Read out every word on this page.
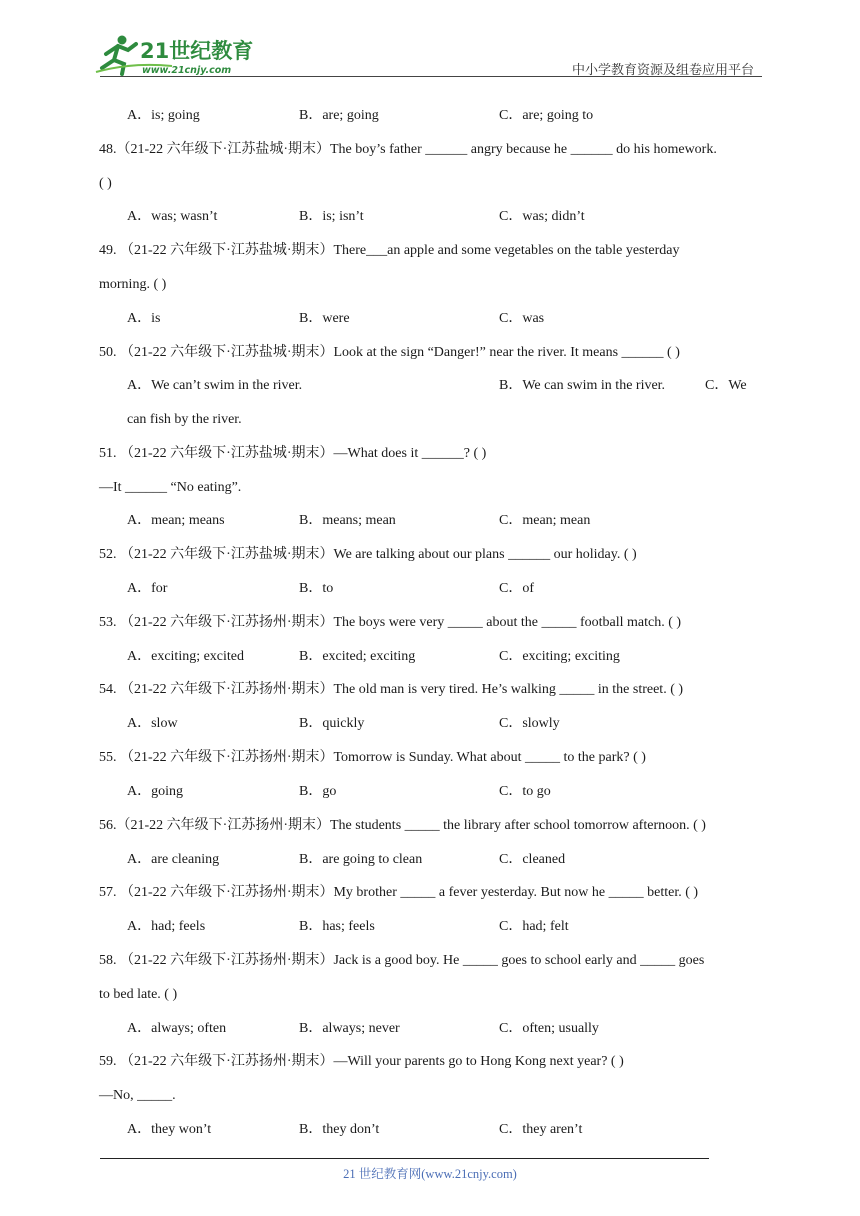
21世纪教育
www.21cnjy.com	中小学教育资源及组卷应用平台
A．is; going	B．are; going	C．are; going to
48.（21-22 六年级下·江苏盐城·期末）The boy’s father ______ angry because he ______ do his homework.
( )
A．was; wasn’t	B．is; isn’t	C．was; didn’t
49. （21-22 六年级下·江苏盐城·期末）There___an apple and some vegetables on the table yesterday
morning. ( )
A．is	B．were	C．was
50. （21-22 六年级下·江苏盐城·期末）Look at the sign “Danger!” near the river. It means ______ ( )
A．We can’t swim in the river.	B．We can swim in the river.	C．We
can fish by the river.
51. （21-22 六年级下·江苏盐城·期末）—What does it ______? ( )
—It ______ “No eating”.
A．mean; means	B．means; mean	C．mean; mean
52. （21-22 六年级下·江苏盐城·期末）We are talking about our plans ______ our holiday. ( )
A．for	B．to	C．of
53. （21-22 六年级下·江苏扬州·期末）The boys were very _____ about the _____ football match. ( )
A．exciting; excited	B．excited; exciting	C．exciting; exciting
54. （21-22 六年级下·江苏扬州·期末）The old man is very tired. He’s walking _____ in the street. ( )
A．slow	B．quickly	C．slowly
55. （21-22 六年级下·江苏扬州·期末）Tomorrow is Sunday. What about _____ to the park? ( )
A．going	B．go	C．to go
56.（21-22 六年级下·江苏扬州·期末）The students _____ the library after school tomorrow afternoon. ( )
A．are cleaning	B．are going to clean	C．cleaned
57. （21-22 六年级下·江苏扬州·期末）My brother _____ a fever yesterday. But now he _____ better. ( )
A．had; feels	B．has; feels	C．had; felt
58. （21-22 六年级下·江苏扬州·期末）Jack is a good boy. He _____ goes to school early and _____ goes
to bed late. ( )
A．always; often	B．always; never	C．often; usually
59. （21-22 六年级下·江苏扬州·期末）—Will your parents go to Hong Kong next year? ( )
—No, _____.
A．they won’t	B．they don’t	C．they aren’t
21 世纪教育网(www.21cnjy.com)
